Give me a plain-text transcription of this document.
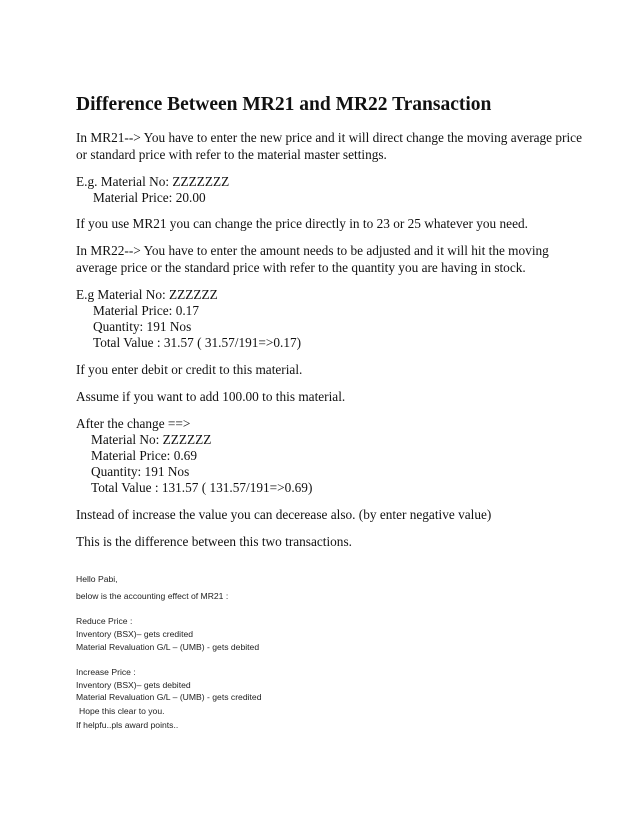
Difference Between MR21 and MR22 Transaction
In MR21--> You have to enter the new price and it will direct change the moving average price
or standard price with refer to the material master settings.
E.g. Material No: ZZZZZZZ
Material Price: 20.00
If you use MR21 you can change the price directly in to 23 or 25 whatever you need.
In MR22--> You have to enter the amount needs to be adjusted and it will hit the moving
average price or the standard price with refer to the quantity you are having in stock.
E.g Material No: ZZZZZZ
Material Price: 0.17
Quantity: 191 Nos
Total Value : 31.57 ( 31.57/191=>0.17)
If you enter debit or credit to this material.
Assume if you want to add 100.00 to this material.
After the change ==>
Material No: ZZZZZZ
Material Price: 0.69
Quantity: 191 Nos
Total Value : 131.57 ( 131.57/191=>0.69)
Instead of increase the value you can decerease also. (by enter negative value)
This is the difference between this two transactions.
Hello Pabi,
below is the accounting effect of MR21 :
Reduce Price :
Inventory (BSX)– gets credited
Material Revaluation G/L – (UMB) - gets debited
Increase Price :
Inventory (BSX)– gets debited
Material Revaluation G/L – (UMB) - gets credited
Hope this clear to you.
If helpfu..pls award points..
